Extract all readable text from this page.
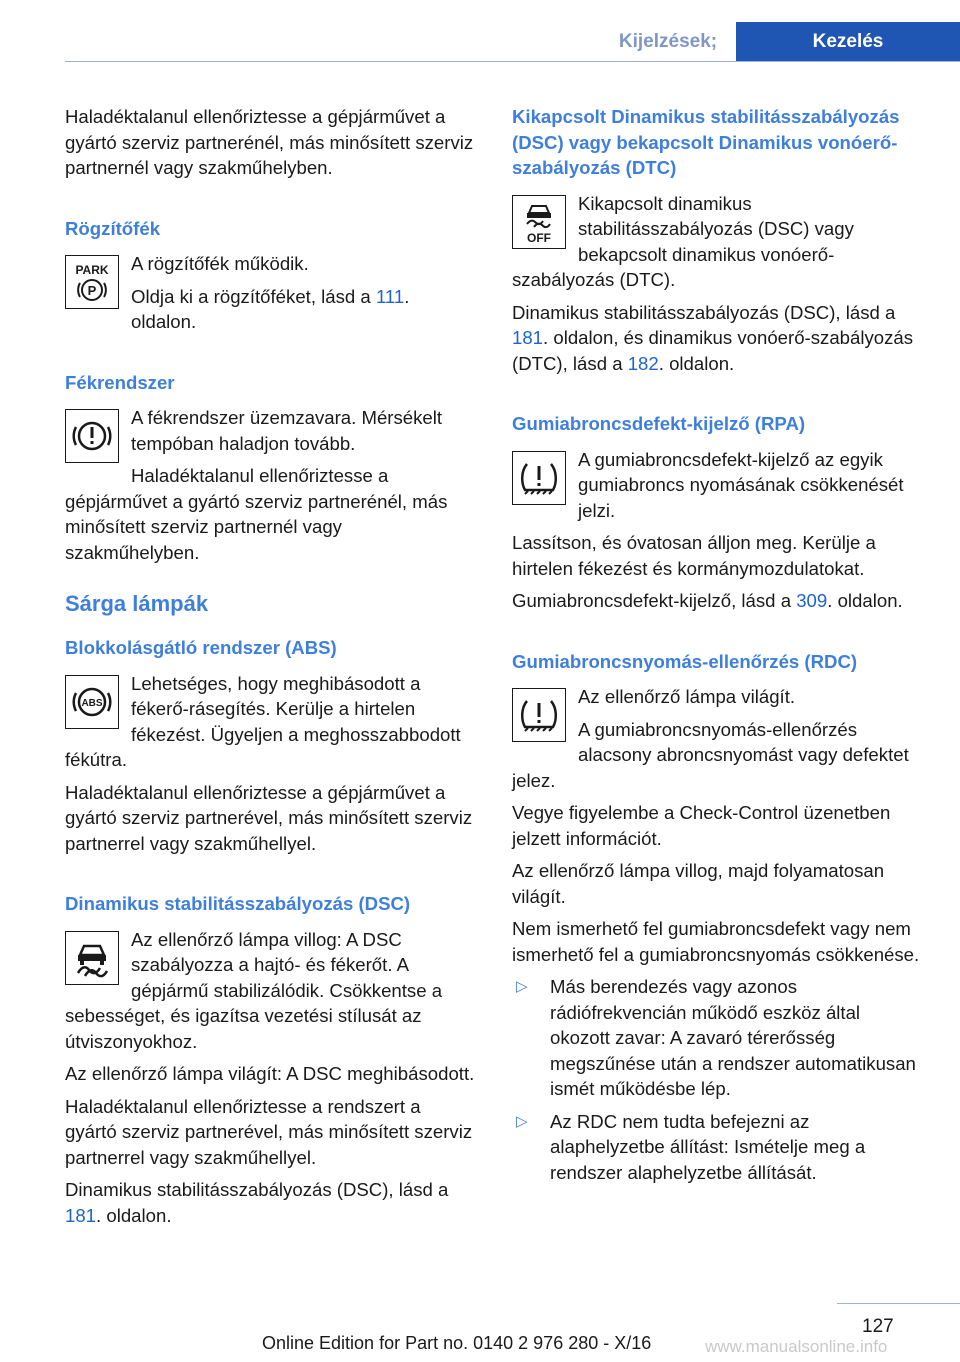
Kijelzések;	Kezelés

Haladéktalanul ellenőriztesse a gépjárművet a gyártó szerviz partnerénél, más minősített szerviz partnernél vagy szakműhelyben.

Rögzítőfék
PARK
P

A rögzítőfék működik.

Oldja ki a rögzítőféket, lásd a 111. oldalon.

Fékrendszer

A fékrendszer üzemzavara. Mérsékelt tempóban haladjon tovább.

Haladéktalanul ellenőriztesse a gépjárművet a gyártó szerviz partnerénél, más minősített szerviz partnernél vagy szakműhelyben.

Sárga lámpák
Blokkolásgátló rendszer (ABS)
ABS

Lehetséges, hogy meghibásodott a fékerő-rásegítés. Kerülje a hirtelen fékezést. Ügyeljen a meghosszabbodott fékútra.

Haladéktalanul ellenőriztesse a gépjárművet a gyártó szerviz partnerével, más minősített szerviz partnerrel vagy szakműhellyel.

Dinamikus stabilitásszabályozás (DSC)

Az ellenőrző lámpa villog: A DSC szabályozza a hajtó- és fékerőt. A gépjármű stabilizálódik. Csökkentse a sebességet, és igazítsa vezetési stílusát az útviszonyokhoz.

Az ellenőrző lámpa világít: A DSC meghibásodott.

Haladéktalanul ellenőriztesse a rendszert a gyártó szerviz partnerével, más minősített szerviz partnerrel vagy szakműhellyel.

Dinamikus stabilitásszabályozás (DSC), lásd a 181. oldalon.

Kikapcsolt Dinamikus stabilitásszabályozás (DSC) vagy bekapcsolt Dinamikus vonóerő-szabályozás (DTC)
OFF

Kikapcsolt dinamikus stabilitásszabályozás (DSC) vagy bekapcsolt dinamikus vonóerő-szabályozás (DTC).

Dinamikus stabilitásszabályozás (DSC), lásd a 181. oldalon, és dinamikus vonóerő-szabályozás (DTC), lásd a 182. oldalon.

Gumiabroncsdefekt-kijelző (RPA)

A gumiabroncsdefekt-kijelző az egyik gumiabroncs nyomásának csökkenését jelzi.

Lassítson, és óvatosan álljon meg. Kerülje a hirtelen fékezést és kormánymozdulatokat.

Gumiabroncsdefekt-kijelző, lásd a 309. oldalon.

Gumiabroncsnyomás-ellenőrzés (RDC)

Az ellenőrző lámpa világít.

A gumiabroncsnyomás-ellenőrzés alacsony abroncsnyomást vagy defektet jelez.

Vegye figyelembe a Check-Control üzenetben jelzett információt.

Az ellenőrző lámpa villog, majd folyamatosan világít.

Nem ismerhető fel gumiabroncsdefekt vagy nem ismerhető fel a gumiabroncsnyomás csökkenése.

▷	Más berendezés vagy azonos rádiófrekvencián működő eszköz által okozott zavar: A zavaró térerősség megszűnése után a rendszer automatikusan ismét működésbe lép.
▷	Az RDC nem tudta befejezni az alaphelyzetbe állítást: Ismételje meg a rendszer alaphelyzetbe állítását.
127
Online Edition for Part no. 0140 2 976 280 - X/16	www.manualsonline.info
